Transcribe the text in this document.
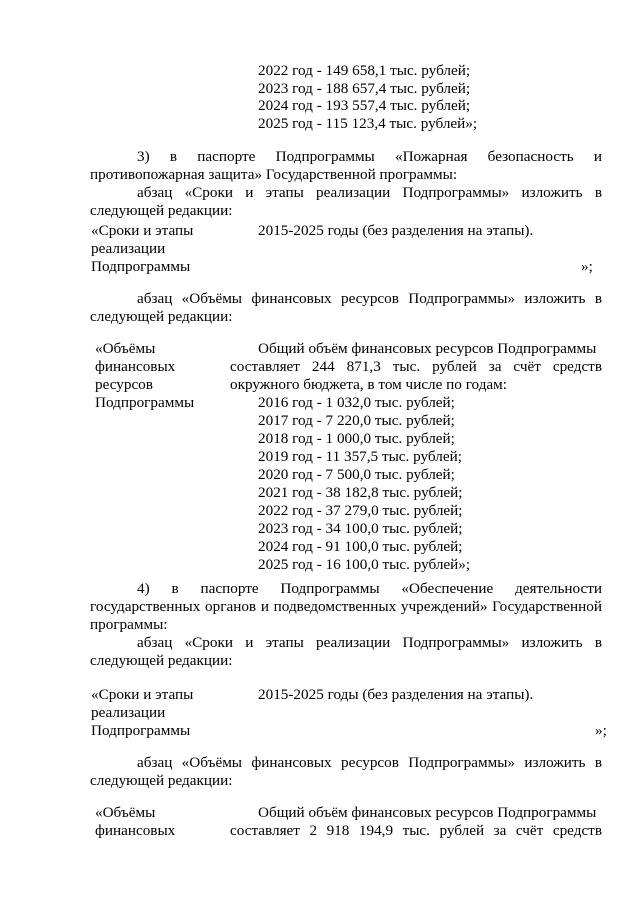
2022 год - 149 658,1 тыс. рублей;
2023 год - 188 657,4 тыс. рублей;
2024 год - 193 557,4 тыс. рублей;
2025 год - 115 123,4 тыс. рублей»;
3) в паспорте Подпрограммы «Пожарная безопасность и
противопожарная защита» Государственной программы:
абзац «Сроки и этапы реализации Подпрограммы» изложить в
следующей редакции:
«Сроки и этапы
реализации
Подпрограммы
2015-2025 годы (без разделения на этапы).
»;
абзац «Объёмы финансовых ресурсов Подпрограммы» изложить в
следующей редакции:
«Объёмы
финансовых
ресурсов
Подпрограммы
Общий объём финансовых ресурсов Подпрограммы
составляет 244 871,3 тыс. рублей за счёт средств
окружного бюджета, в том числе по годам:
2016 год - 1 032,0 тыс. рублей;
2017 год - 7 220,0 тыс. рублей;
2018 год - 1 000,0 тыс. рублей;
2019 год - 11 357,5 тыс. рублей;
2020 год - 7 500,0 тыс. рублей;
2021 год - 38 182,8 тыс. рублей;
2022 год - 37 279,0 тыс. рублей;
2023 год - 34 100,0 тыс. рублей;
2024 год - 91 100,0 тыс. рублей;
2025 год - 16 100,0 тыс. рублей»;
4) в паспорте Подпрограммы «Обеспечение деятельности
государственных органов и подведомственных учреждений» Государственной
программы:
абзац «Сроки и этапы реализации Подпрограммы» изложить в
следующей редакции:
«Сроки и этапы
реализации
Подпрограммы
2015-2025 годы (без разделения на этапы).
»;
абзац «Объёмы финансовых ресурсов Подпрограммы» изложить в
следующей редакции:
«Объёмы
финансовых
Общий объём финансовых ресурсов Подпрограммы
составляет 2 918 194,9 тыс. рублей за счёт средств
